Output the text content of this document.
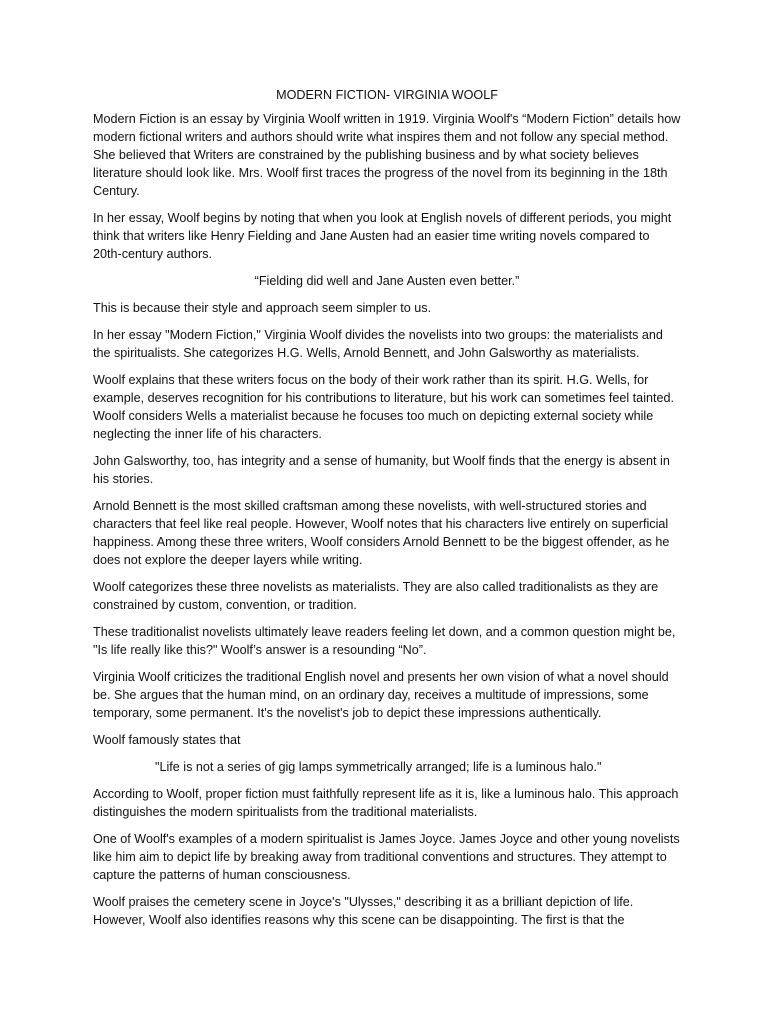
MODERN FICTION- VIRGINIA WOOLF

Modern Fiction is an essay by Virginia Woolf written in 1919. Virginia Woolf's “Modern Fiction” details how modern fictional writers and authors should write what inspires them and not follow any special method. She believed that Writers are constrained by the publishing business and by what society believes literature should look like. Mrs. Woolf first traces the progress of the novel from its beginning in the 18th Century.

In her essay, Woolf begins by noting that when you look at English novels of different periods, you might think that writers like Henry Fielding and Jane Austen had an easier time writing novels compared to 20th-century authors.

“Fielding did well and Jane Austen even better.”

This is because their style and approach seem simpler to us.

In her essay "Modern Fiction," Virginia Woolf divides the novelists into two groups: the materialists and the spiritualists. She categorizes H.G. Wells, Arnold Bennett, and John Galsworthy as materialists.

Woolf explains that these writers focus on the body of their work rather than its spirit. H.G. Wells, for example, deserves recognition for his contributions to literature, but his work can sometimes feel tainted. Woolf considers Wells a materialist because he focuses too much on depicting external society while neglecting the inner life of his characters.

John Galsworthy, too, has integrity and a sense of humanity, but Woolf finds that the energy is absent in his stories.

Arnold Bennett is the most skilled craftsman among these novelists, with well-structured stories and characters that feel like real people. However, Woolf notes that his characters live entirely on superficial happiness. Among these three writers, Woolf considers Arnold Bennett to be the biggest offender, as he does not explore the deeper layers while writing.

Woolf categorizes these three novelists as materialists. They are also called traditionalists as they are constrained by custom, convention, or tradition.

These traditionalist novelists ultimately leave readers feeling let down, and a common question might be, "Is life really like this?" Woolf’s answer is a resounding “No”.

Virginia Woolf criticizes the traditional English novel and presents her own vision of what a novel should be. She argues that the human mind, on an ordinary day, receives a multitude of impressions, some temporary, some permanent. It's the novelist's job to depict these impressions authentically.

Woolf famously states that

"Life is not a series of gig lamps symmetrically arranged; life is a luminous halo."

According to Woolf, proper fiction must faithfully represent life as it is, like a luminous halo. This approach distinguishes the modern spiritualists from the traditional materialists.

One of Woolf's examples of a modern spiritualist is James Joyce. James Joyce and other young novelists like him aim to depict life by breaking away from traditional conventions and structures. They attempt to capture the patterns of human consciousness.

Woolf praises the cemetery scene in Joyce's "Ulysses," describing it as a brilliant depiction of life. However, Woolf also identifies reasons why this scene can be disappointing. The first is that the
